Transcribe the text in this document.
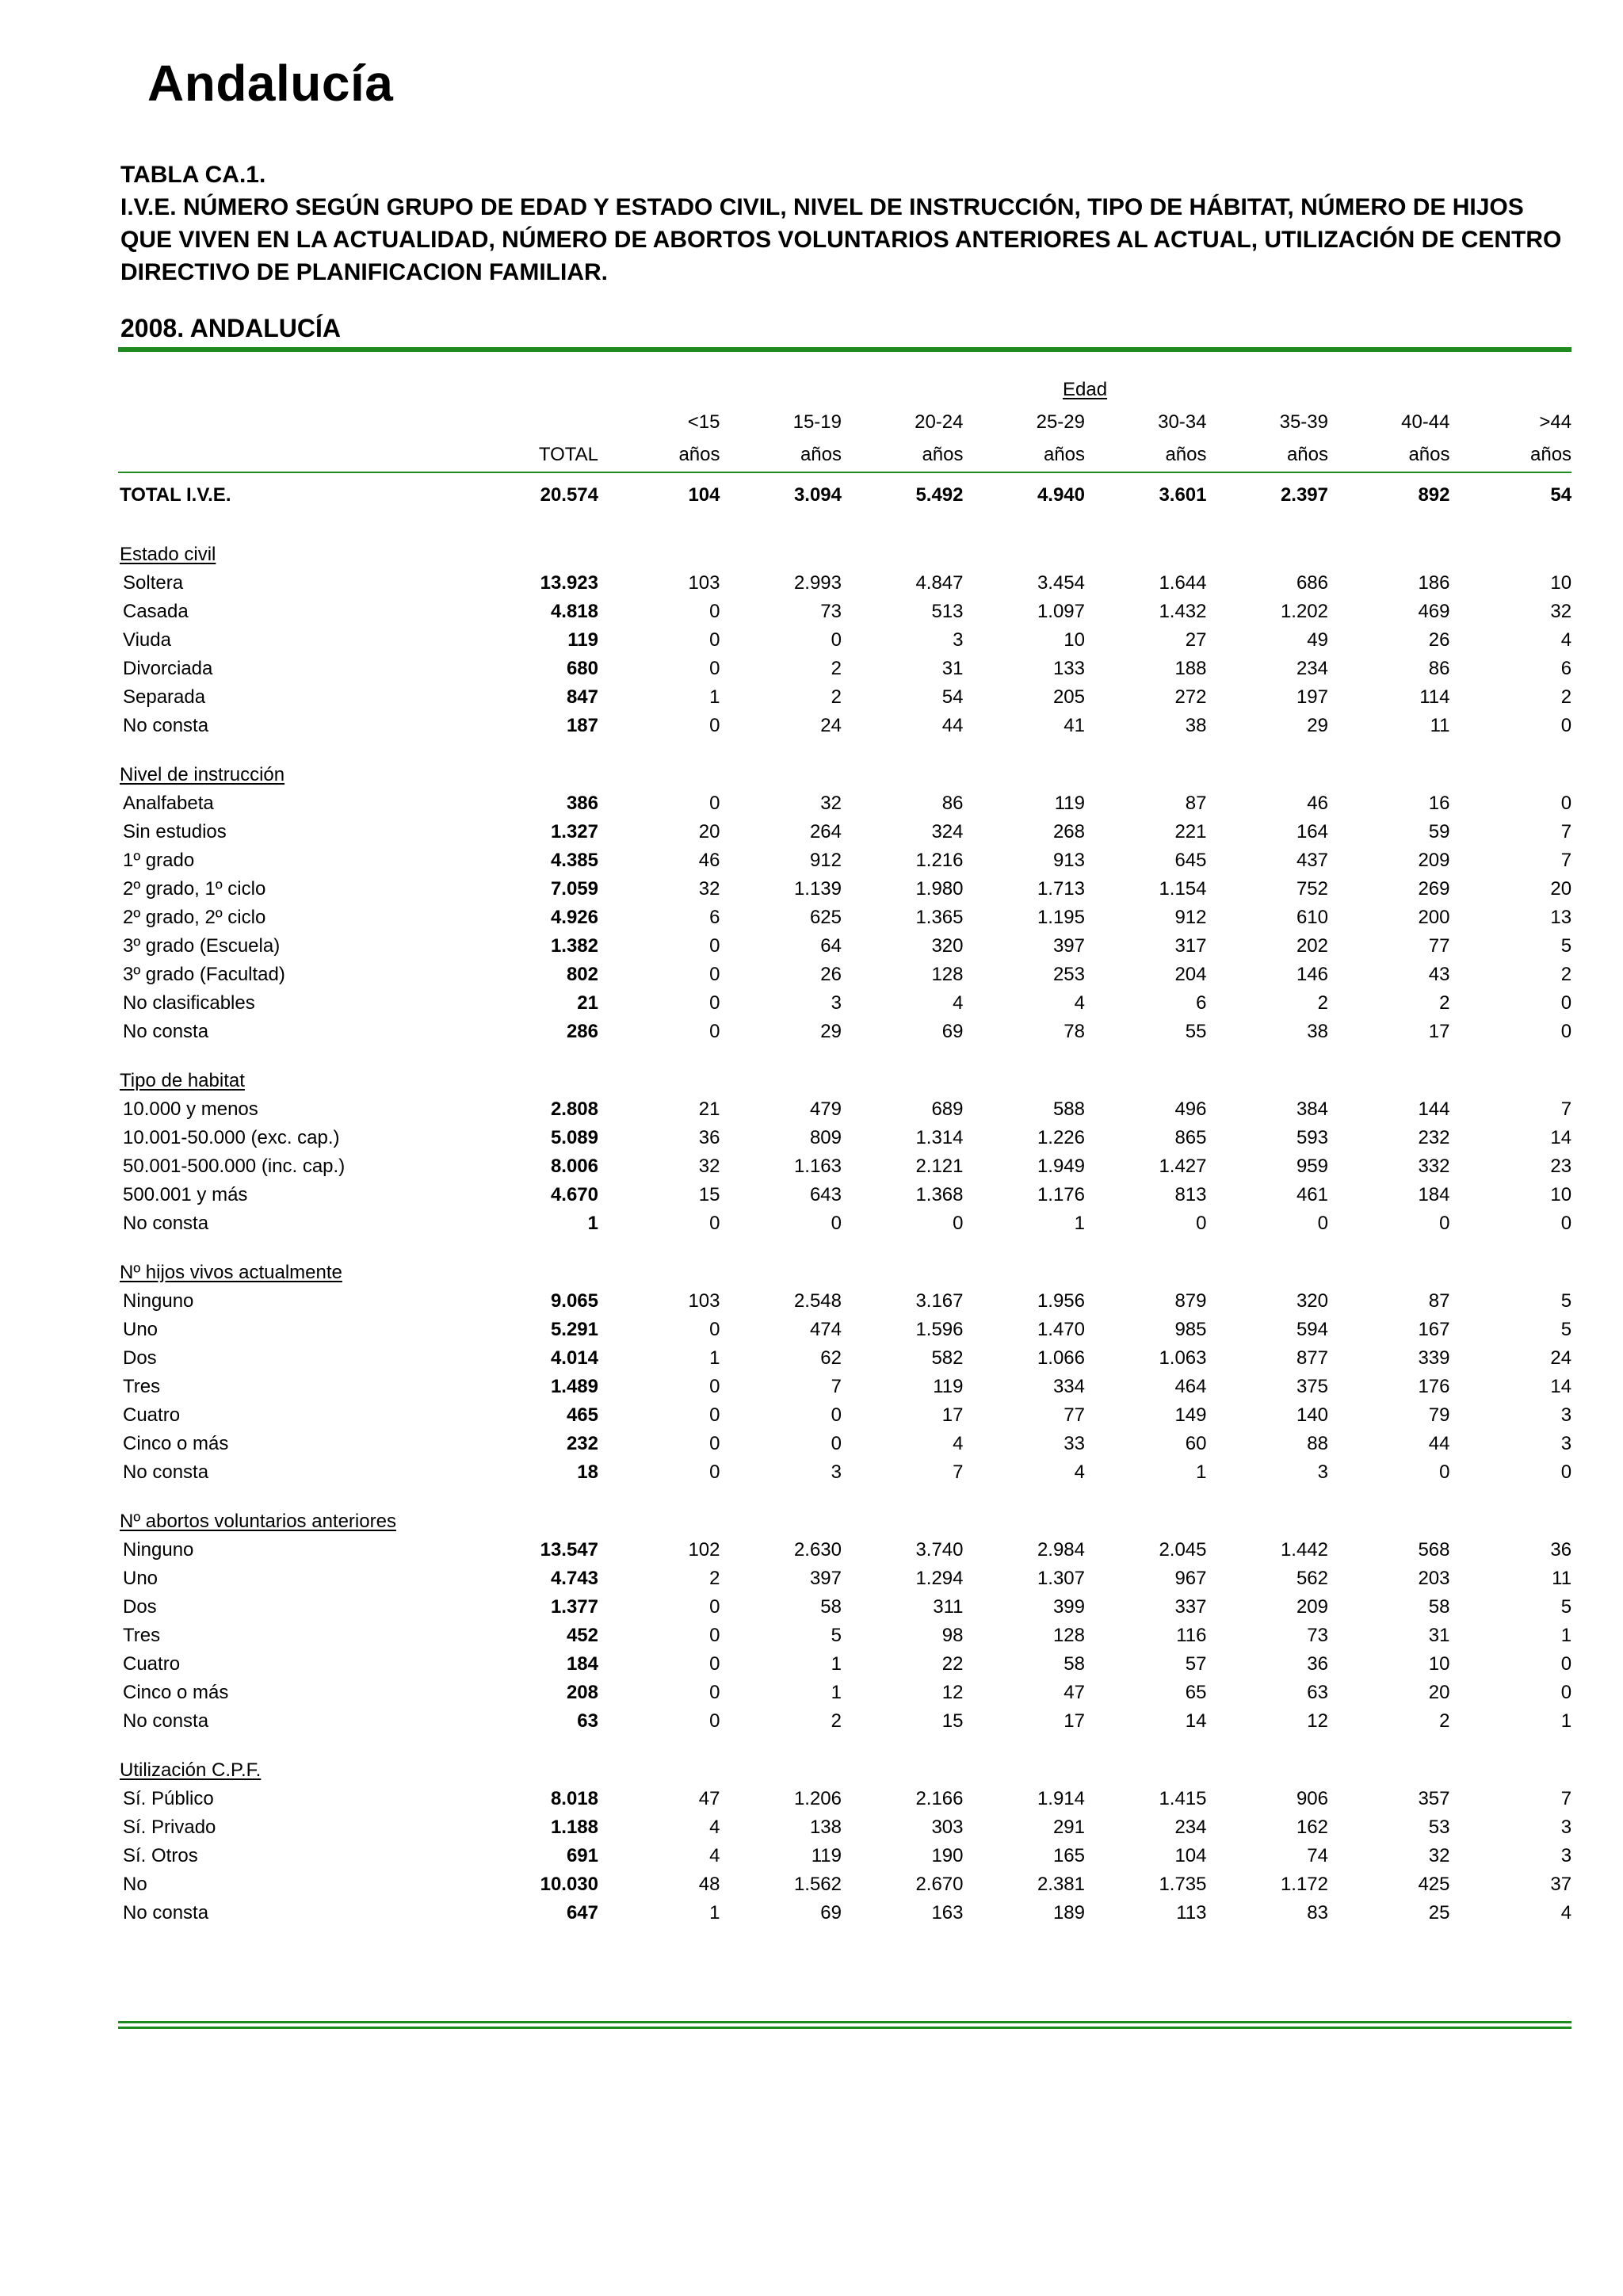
Andalucía
TABLA CA.1.
I.V.E. NÚMERO SEGÚN GRUPO DE EDAD Y ESTADO CIVIL, NIVEL DE INSTRUCCIÓN, TIPO DE HÁBITAT, NÚMERO DE HIJOS QUE VIVEN EN LA ACTUALIDAD, NÚMERO DE ABORTOS VOLUNTARIOS ANTERIORES AL ACTUAL, UTILIZACIÓN DE CENTRO DIRECTIVO DE PLANIFICACION FAMILIAR.
2008. ANDALUCÍA
		Edad							
		<15	15-19	20-24	25-29	30-34	35-39	40-44	>44
	TOTAL	años	años	años	años	años	años	años	años
TOTAL I.V.E.	20.574	104	3.094	5.492	4.940	3.601	2.397	892	54

Estado civil									
Soltera	13.923	103	2.993	4.847	3.454	1.644	686	186	10
Casada	4.818	0	73	513	1.097	1.432	1.202	469	32
Viuda	119	0	0	3	10	27	49	26	4
Divorciada	680	0	2	31	133	188	234	86	6
Separada	847	1	2	54	205	272	197	114	2
No consta	187	0	24	44	41	38	29	11	0

Nivel de instrucción									
Analfabeta	386	0	32	86	119	87	46	16	0
Sin estudios	1.327	20	264	324	268	221	164	59	7
1º grado	4.385	46	912	1.216	913	645	437	209	7
2º grado, 1º ciclo	7.059	32	1.139	1.980	1.713	1.154	752	269	20
2º grado, 2º ciclo	4.926	6	625	1.365	1.195	912	610	200	13
3º grado (Escuela)	1.382	0	64	320	397	317	202	77	5
3º grado (Facultad)	802	0	26	128	253	204	146	43	2
No clasificables	21	0	3	4	4	6	2	2	0
No consta	286	0	29	69	78	55	38	17	0

Tipo de habitat									
10.000 y menos	2.808	21	479	689	588	496	384	144	7
10.001-50.000 (exc. cap.)	5.089	36	809	1.314	1.226	865	593	232	14
50.001-500.000 (inc. cap.)	8.006	32	1.163	2.121	1.949	1.427	959	332	23
500.001 y más	4.670	15	643	1.368	1.176	813	461	184	10
No consta	1	0	0	0	1	0	0	0	0

Nº hijos vivos actualmente									
Ninguno	9.065	103	2.548	3.167	1.956	879	320	87	5
Uno	5.291	0	474	1.596	1.470	985	594	167	5
Dos	4.014	1	62	582	1.066	1.063	877	339	24
Tres	1.489	0	7	119	334	464	375	176	14
Cuatro	465	0	0	17	77	149	140	79	3
Cinco o más	232	0	0	4	33	60	88	44	3
No consta	18	0	3	7	4	1	3	0	0

Nº abortos voluntarios anteriores									
Ninguno	13.547	102	2.630	3.740	2.984	2.045	1.442	568	36
Uno	4.743	2	397	1.294	1.307	967	562	203	11
Dos	1.377	0	58	311	399	337	209	58	5
Tres	452	0	5	98	128	116	73	31	1
Cuatro	184	0	1	22	58	57	36	10	0
Cinco o más	208	0	1	12	47	65	63	20	0
No consta	63	0	2	15	17	14	12	2	1

Utilización C.P.F.									
Sí. Público	8.018	47	1.206	2.166	1.914	1.415	906	357	7
Sí. Privado	1.188	4	138	303	291	234	162	53	3
Sí. Otros	691	4	119	190	165	104	74	32	3
No	10.030	48	1.562	2.670	2.381	1.735	1.172	425	37
No consta	647	1	69	163	189	113	83	25	4
